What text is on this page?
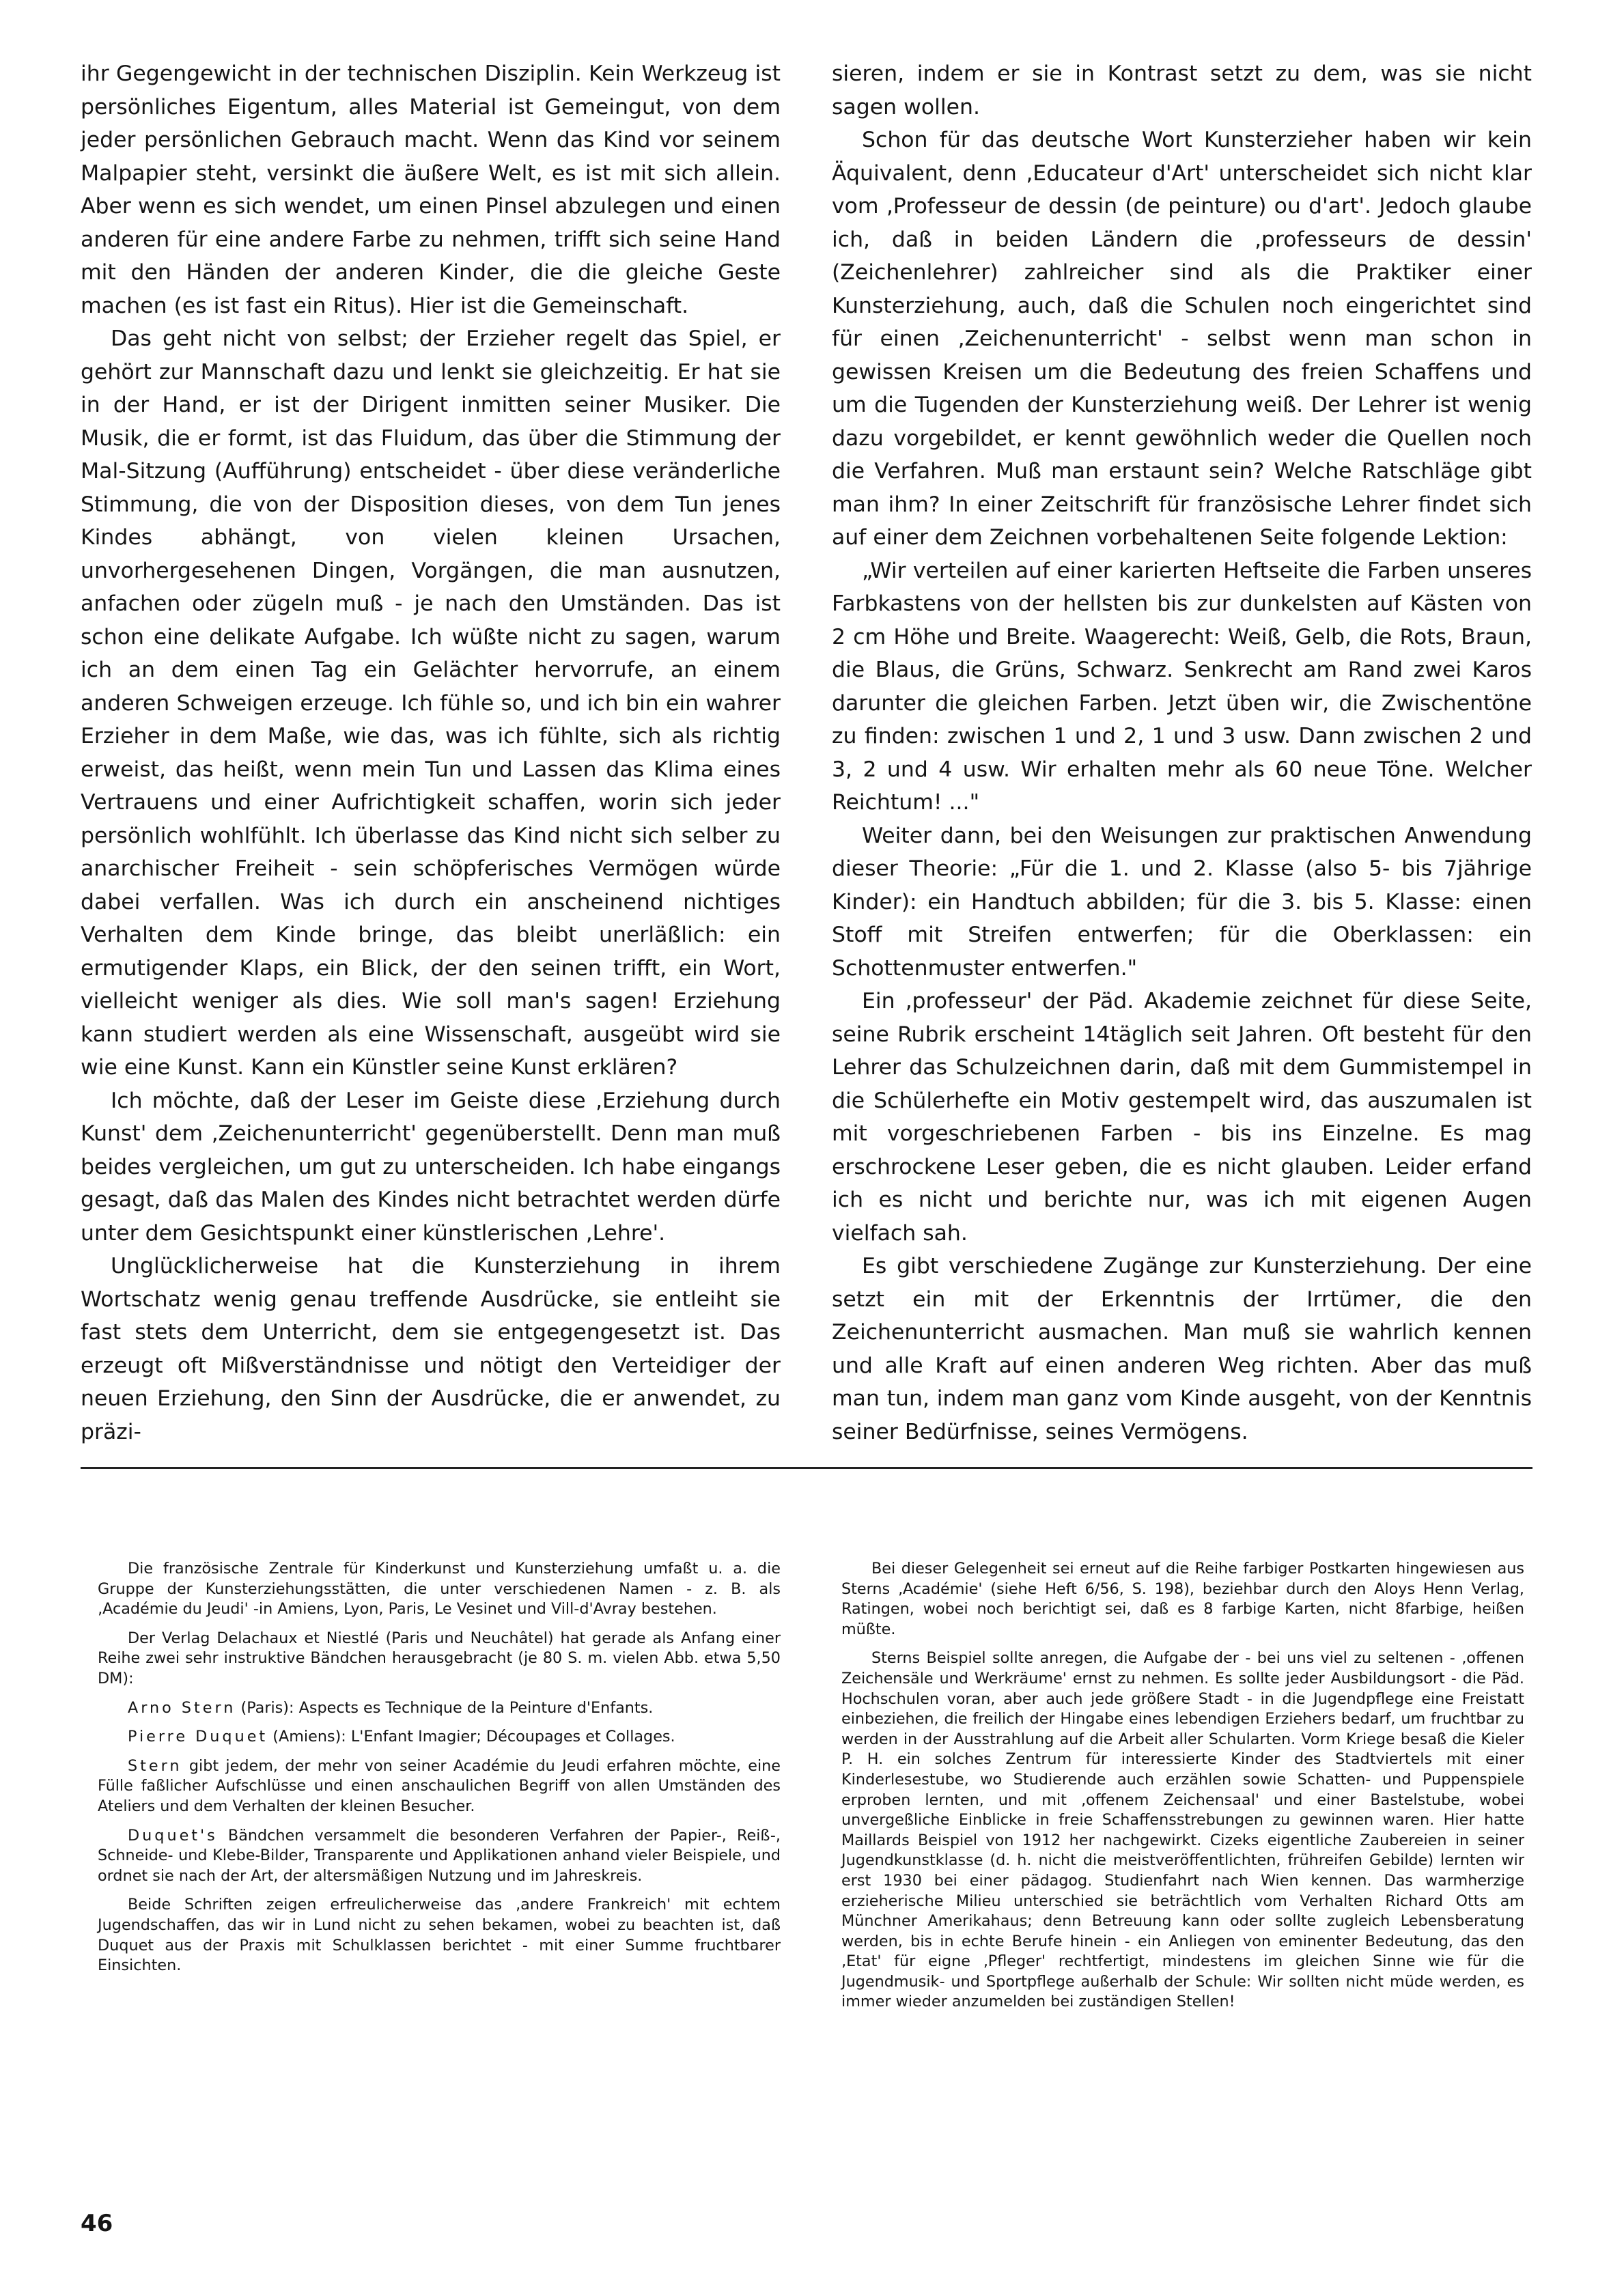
ihr Gegengewicht in der technischen Disziplin. Kein Werkzeug ist persönliches Eigentum, alles Material ist Gemeingut, von dem jeder persönlichen Gebrauch macht. Wenn das Kind vor seinem Malpapier steht, versinkt die äußere Welt, es ist mit sich allein. Aber wenn es sich wendet, um einen Pinsel abzulegen und einen anderen für eine andere Farbe zu nehmen, trifft sich seine Hand mit den Händen der anderen Kinder, die die gleiche Geste machen (es ist fast ein Ritus). Hier ist die Gemeinschaft.

Das geht nicht von selbst; der Erzieher regelt das Spiel, er gehört zur Mannschaft dazu und lenkt sie gleichzeitig. Er hat sie in der Hand, er ist der Dirigent inmitten seiner Musiker. Die Musik, die er formt, ist das Fluidum, das über die Stimmung der Mal-Sitzung (Aufführung) entscheidet - über diese veränderliche Stimmung, die von der Disposition dieses, von dem Tun jenes Kindes abhängt, von vielen kleinen Ursachen, unvorhergesehenen Dingen, Vorgängen, die man ausnutzen, anfachen oder zügeln muß - je nach den Umständen. Das ist schon eine delikate Aufgabe. Ich wüßte nicht zu sagen, warum ich an dem einen Tag ein Gelächter hervorrufe, an einem anderen Schweigen erzeuge. Ich fühle so, und ich bin ein wahrer Erzieher in dem Maße, wie das, was ich fühlte, sich als richtig erweist, das heißt, wenn mein Tun und Lassen das Klima eines Vertrauens und einer Aufrichtigkeit schaffen, worin sich jeder persönlich wohlfühlt. Ich überlasse das Kind nicht sich selber zu anarchischer Freiheit - sein schöpferisches Vermögen würde dabei verfallen. Was ich durch ein anscheinend nichtiges Verhalten dem Kinde bringe, das bleibt unerläßlich: ein ermutigender Klaps, ein Blick, der den seinen trifft, ein Wort, vielleicht weniger als dies. Wie soll man's sagen! Erziehung kann studiert werden als eine Wissenschaft, ausgeübt wird sie wie eine Kunst. Kann ein Künstler seine Kunst erklären?

Ich möchte, daß der Leser im Geiste diese ‚Erziehung durch Kunst' dem ‚Zeichenunterricht' gegenüberstellt. Denn man muß beides vergleichen, um gut zu unterscheiden. Ich habe eingangs gesagt, daß das Malen des Kindes nicht betrachtet werden dürfe unter dem Gesichtspunkt einer künstlerischen ‚Lehre'.

Unglücklicherweise hat die Kunsterziehung in ihrem Wortschatz wenig genau treffende Ausdrücke, sie entleiht sie fast stets dem Unterricht, dem sie entgegengesetzt ist. Das erzeugt oft Mißverständnisse und nötigt den Verteidiger der neuen Erziehung, den Sinn der Ausdrücke, die er anwendet, zu präzi-

sieren, indem er sie in Kontrast setzt zu dem, was sie nicht sagen wollen.

Schon für das deutsche Wort Kunsterzieher haben wir kein Äquivalent, denn ‚Educateur d'Art' unterscheidet sich nicht klar vom ‚Professeur de dessin (de peinture) ou d'art'. Jedoch glaube ich, daß in beiden Ländern die ‚professeurs de dessin' (Zeichenlehrer) zahlreicher sind als die Praktiker einer Kunsterziehung, auch, daß die Schulen noch eingerichtet sind für einen ‚Zeichenunterricht' - selbst wenn man schon in gewissen Kreisen um die Bedeutung des freien Schaffens und um die Tugenden der Kunsterziehung weiß. Der Lehrer ist wenig dazu vorgebildet, er kennt gewöhnlich weder die Quellen noch die Verfahren. Muß man erstaunt sein? Welche Ratschläge gibt man ihm? In einer Zeitschrift für französische Lehrer findet sich auf einer dem Zeichnen vorbehaltenen Seite folgende Lektion:

„Wir verteilen auf einer karierten Heftseite die Farben unseres Farbkastens von der hellsten bis zur dunkelsten auf Kästen von 2 cm Höhe und Breite. Waagerecht: Weiß, Gelb, die Rots, Braun, die Blaus, die Grüns, Schwarz. Senkrecht am Rand zwei Karos darunter die gleichen Farben. Jetzt üben wir, die Zwischentöne zu finden: zwischen 1 und 2, 1 und 3 usw. Dann zwischen 2 und 3, 2 und 4 usw. Wir erhalten mehr als 60 neue Töne. Welcher Reichtum! ..."

Weiter dann, bei den Weisungen zur praktischen Anwendung dieser Theorie: „Für die 1. und 2. Klasse (also 5- bis 7jährige Kinder): ein Handtuch abbilden; für die 3. bis 5. Klasse: einen Stoff mit Streifen entwerfen; für die Oberklassen: ein Schottenmuster entwerfen."

Ein ‚professeur' der Päd. Akademie zeichnet für diese Seite, seine Rubrik erscheint 14täglich seit Jahren. Oft besteht für den Lehrer das Schulzeichnen darin, daß mit dem Gummistempel in die Schülerhefte ein Motiv gestempelt wird, das auszumalen ist mit vorgeschriebenen Farben - bis ins Einzelne. Es mag erschrockene Leser geben, die es nicht glauben. Leider erfand ich es nicht und berichte nur, was ich mit eigenen Augen vielfach sah.

Es gibt verschiedene Zugänge zur Kunsterziehung. Der eine setzt ein mit der Erkenntnis der Irrtümer, die den Zeichenunterricht ausmachen. Man muß sie wahrlich kennen und alle Kraft auf einen anderen Weg richten. Aber das muß man tun, indem man ganz vom Kinde ausgeht, von der Kenntnis seiner Bedürfnisse, seines Vermögens.

Die französische Zentrale für Kinderkunst und Kunsterziehung umfaßt u. a. die Gruppe der Kunsterziehungsstätten, die unter verschiedenen Namen - z. B. als ‚Académie du Jeudi' -in Amiens, Lyon, Paris, Le Vesinet und Vill-d'Avray bestehen.

Der Verlag Delachaux et Niestlé (Paris und Neuchâtel) hat gerade als Anfang einer Reihe zwei sehr instruktive Bändchen herausgebracht (je 80 S. m. vielen Abb. etwa 5,50 DM):

Arno Stern (Paris): Aspects es Technique de la Peinture d'Enfants.

Pierre Duquet (Amiens): L'Enfant Imagier; Découpages et Collages.

Stern gibt jedem, der mehr von seiner Académie du Jeudi erfahren möchte, eine Fülle faßlicher Aufschlüsse und einen anschaulichen Begriff von allen Umständen des Ateliers und dem Verhalten der kleinen Besucher.

Duquet's Bändchen versammelt die besonderen Verfahren der Papier-, Reiß-, Schneide- und Klebe-Bilder, Transparente und Applikationen anhand vieler Beispiele, und ordnet sie nach der Art, der altersmäßigen Nutzung und im Jahreskreis.

Beide Schriften zeigen erfreulicherweise das ‚andere Frankreich' mit echtem Jugendschaffen, das wir in Lund nicht zu sehen bekamen, wobei zu beachten ist, daß Duquet aus der Praxis mit Schulklassen berichtet - mit einer Summe fruchtbarer Einsichten.

Bei dieser Gelegenheit sei erneut auf die Reihe farbiger Postkarten hingewiesen aus Sterns ‚Académie' (siehe Heft 6/56, S. 198), beziehbar durch den Aloys Henn Verlag, Ratingen, wobei noch berichtigt sei, daß es 8 farbige Karten, nicht 8farbige, heißen müßte.

Sterns Beispiel sollte anregen, die Aufgabe der - bei uns viel zu seltenen - ‚offenen Zeichensäle und Werkräume' ernst zu nehmen. Es sollte jeder Ausbildungsort - die Päd. Hochschulen voran, aber auch jede größere Stadt - in die Jugendpflege eine Freistatt einbeziehen, die freilich der Hingabe eines lebendigen Erziehers bedarf, um fruchtbar zu werden in der Ausstrahlung auf die Arbeit aller Schularten. Vorm Kriege besaß die Kieler P. H. ein solches Zentrum für interessierte Kinder des Stadtviertels mit einer Kinderlesestube, wo Studierende auch erzählen sowie Schatten- und Puppenspiele erproben lernten, und mit ‚offenem Zeichensaal' und einer Bastelstube, wobei unvergeßliche Einblicke in freie Schaffensstrebungen zu gewinnen waren. Hier hatte Maillards Beispiel von 1912 her nachgewirkt. Cizeks eigentliche Zaubereien in seiner Jugendkunstklasse (d. h. nicht die meistveröffentlichten, frühreifen Gebilde) lernten wir erst 1930 bei einer pädagog. Studienfahrt nach Wien kennen. Das warmherzige erzieherische Milieu unterschied sie beträchtlich vom Verhalten Richard Otts am Münchner Amerikahaus; denn Betreuung kann oder sollte zugleich Lebensberatung werden, bis in echte Berufe hinein - ein Anliegen von eminenter Bedeutung, das den ‚Etat' für eigne ‚Pfleger' rechtfertigt, mindestens im gleichen Sinne wie für die Jugendmusik- und Sportpflege außerhalb der Schule: Wir sollten nicht müde werden, es immer wieder anzumelden bei zuständigen Stellen!

46
